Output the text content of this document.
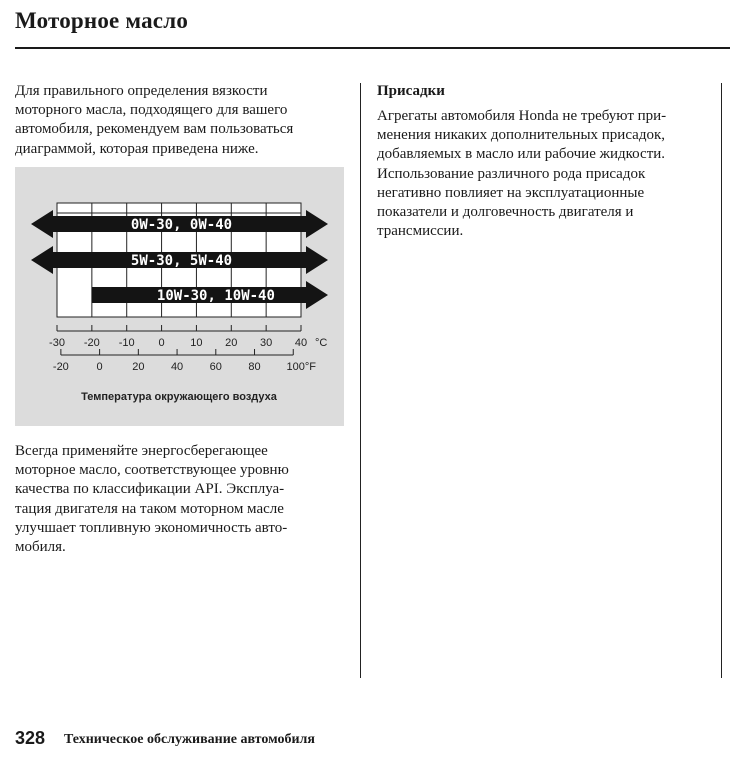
Моторное масло
Для правильного определения вязкости
моторного масла, подходящего для вашего
автомобиля, рекомендуем вам пользоваться
диаграммой, которая приведена ниже.
0W-30, 0W-40
5W-30, 5W-40
10W-30, 10W-40
-30 -20 -10 0 10 20 30 40 °C
-20	0	20 40 60 80 100°F
Температура окружающего воздуха
Всегда применяйте энергосберегающее
моторное масло, соответствующее уровню
качества по классификации API. Эксплуа-
тация двигателя на таком моторном масле
улучшает топливную экономичность авто-
мобиля.
Присадки
Агрегаты автомобиля Honda не требуют при-
менения никаких дополнительных присадок,
добавляемых в масло или рабочие жидкости.
Использование различного рода присадок
негативно повлияет на эксплуатационные
показатели и долговечность двигателя и
трансмиссии.
328 Техническое обслуживание автомобиля
